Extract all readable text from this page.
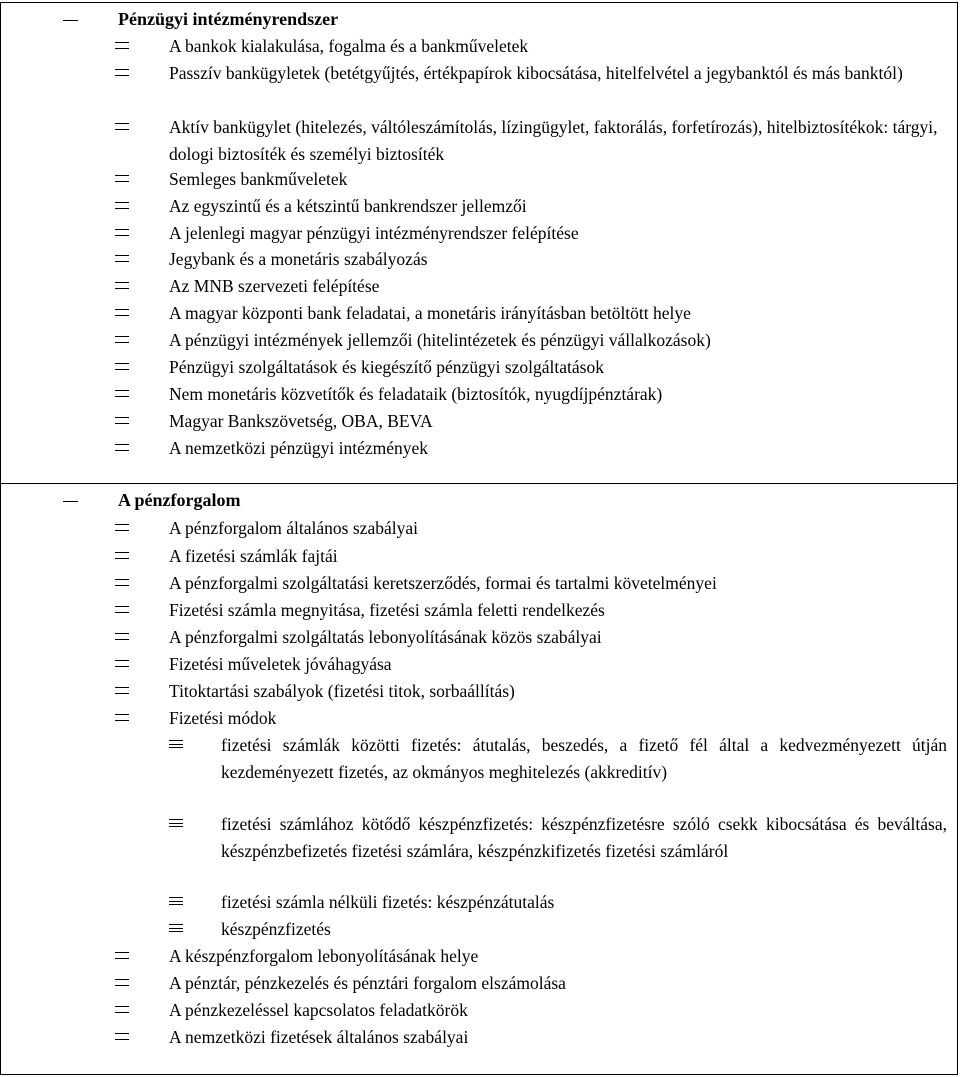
Pénzügyi intézményrendszer
A bankok kialakulása, fogalma és a bankműveletek
Passzív bankügyletek (betétgyűjtés, értékpapírok kibocsátása, hitelfelvétel a jegybanktól és más banktól)
Aktív bankügylet (hitelezés, váltóleszámítolás, lízingügylet, faktorálás, forfetírozás), hitelbiztosítékok: tárgyi, dologi biztosíték és személyi biztosíték
Semleges bankműveletek
Az egyszintű és a kétszintű bankrendszer jellemzői
A jelenlegi magyar pénzügyi intézményrendszer felépítése
Jegybank és a monetáris szabályozás
Az MNB szervezeti felépítése
A magyar központi bank feladatai, a monetáris irányításban betöltött helye
A pénzügyi intézmények jellemzői (hitelintézetek és pénzügyi vállalkozások)
Pénzügyi szolgáltatások és kiegészítő pénzügyi szolgáltatások
Nem monetáris közvetítők és feladataik (biztosítók, nyugdíjpénztárak)
Magyar Bankszövetség, OBA, BEVA
A nemzetközi pénzügyi intézmények
A pénzforgalom
A pénzforgalom általános szabályai
A fizetési számlák fajtái
A pénzforgalmi szolgáltatási keretszerződés, formai és tartalmi követelményei
Fizetési számla megnyitása, fizetési számla feletti rendelkezés
A pénzforgalmi szolgáltatás lebonyolításának közös szabályai
Fizetési műveletek jóváhagyása
Titoktartási szabályok (fizetési titok, sorbaállítás)
Fizetési módok
fizetési számlák közötti fizetés: átutalás, beszedés, a fizető fél által a kedvezményezett útján kezdeményezett fizetés, az okmányos meghitelezés (akkreditív)
fizetési számlához kötődő készpénzfizetés: készpénzfizetésre szóló csekk kibocsátása és beváltása, készpénzbefizetés fizetési számlára, készpénzkifizetés fizetési számláról
fizetési számla nélküli fizetés: készpénzátutalás
készpénzfizetés
A készpénzforgalom lebonyolításának helye
A pénztár, pénzkezelés és pénztári forgalom elszámolása
A pénzkezeléssel kapcsolatos feladatkörök
A nemzetközi fizetések általános szabályai
